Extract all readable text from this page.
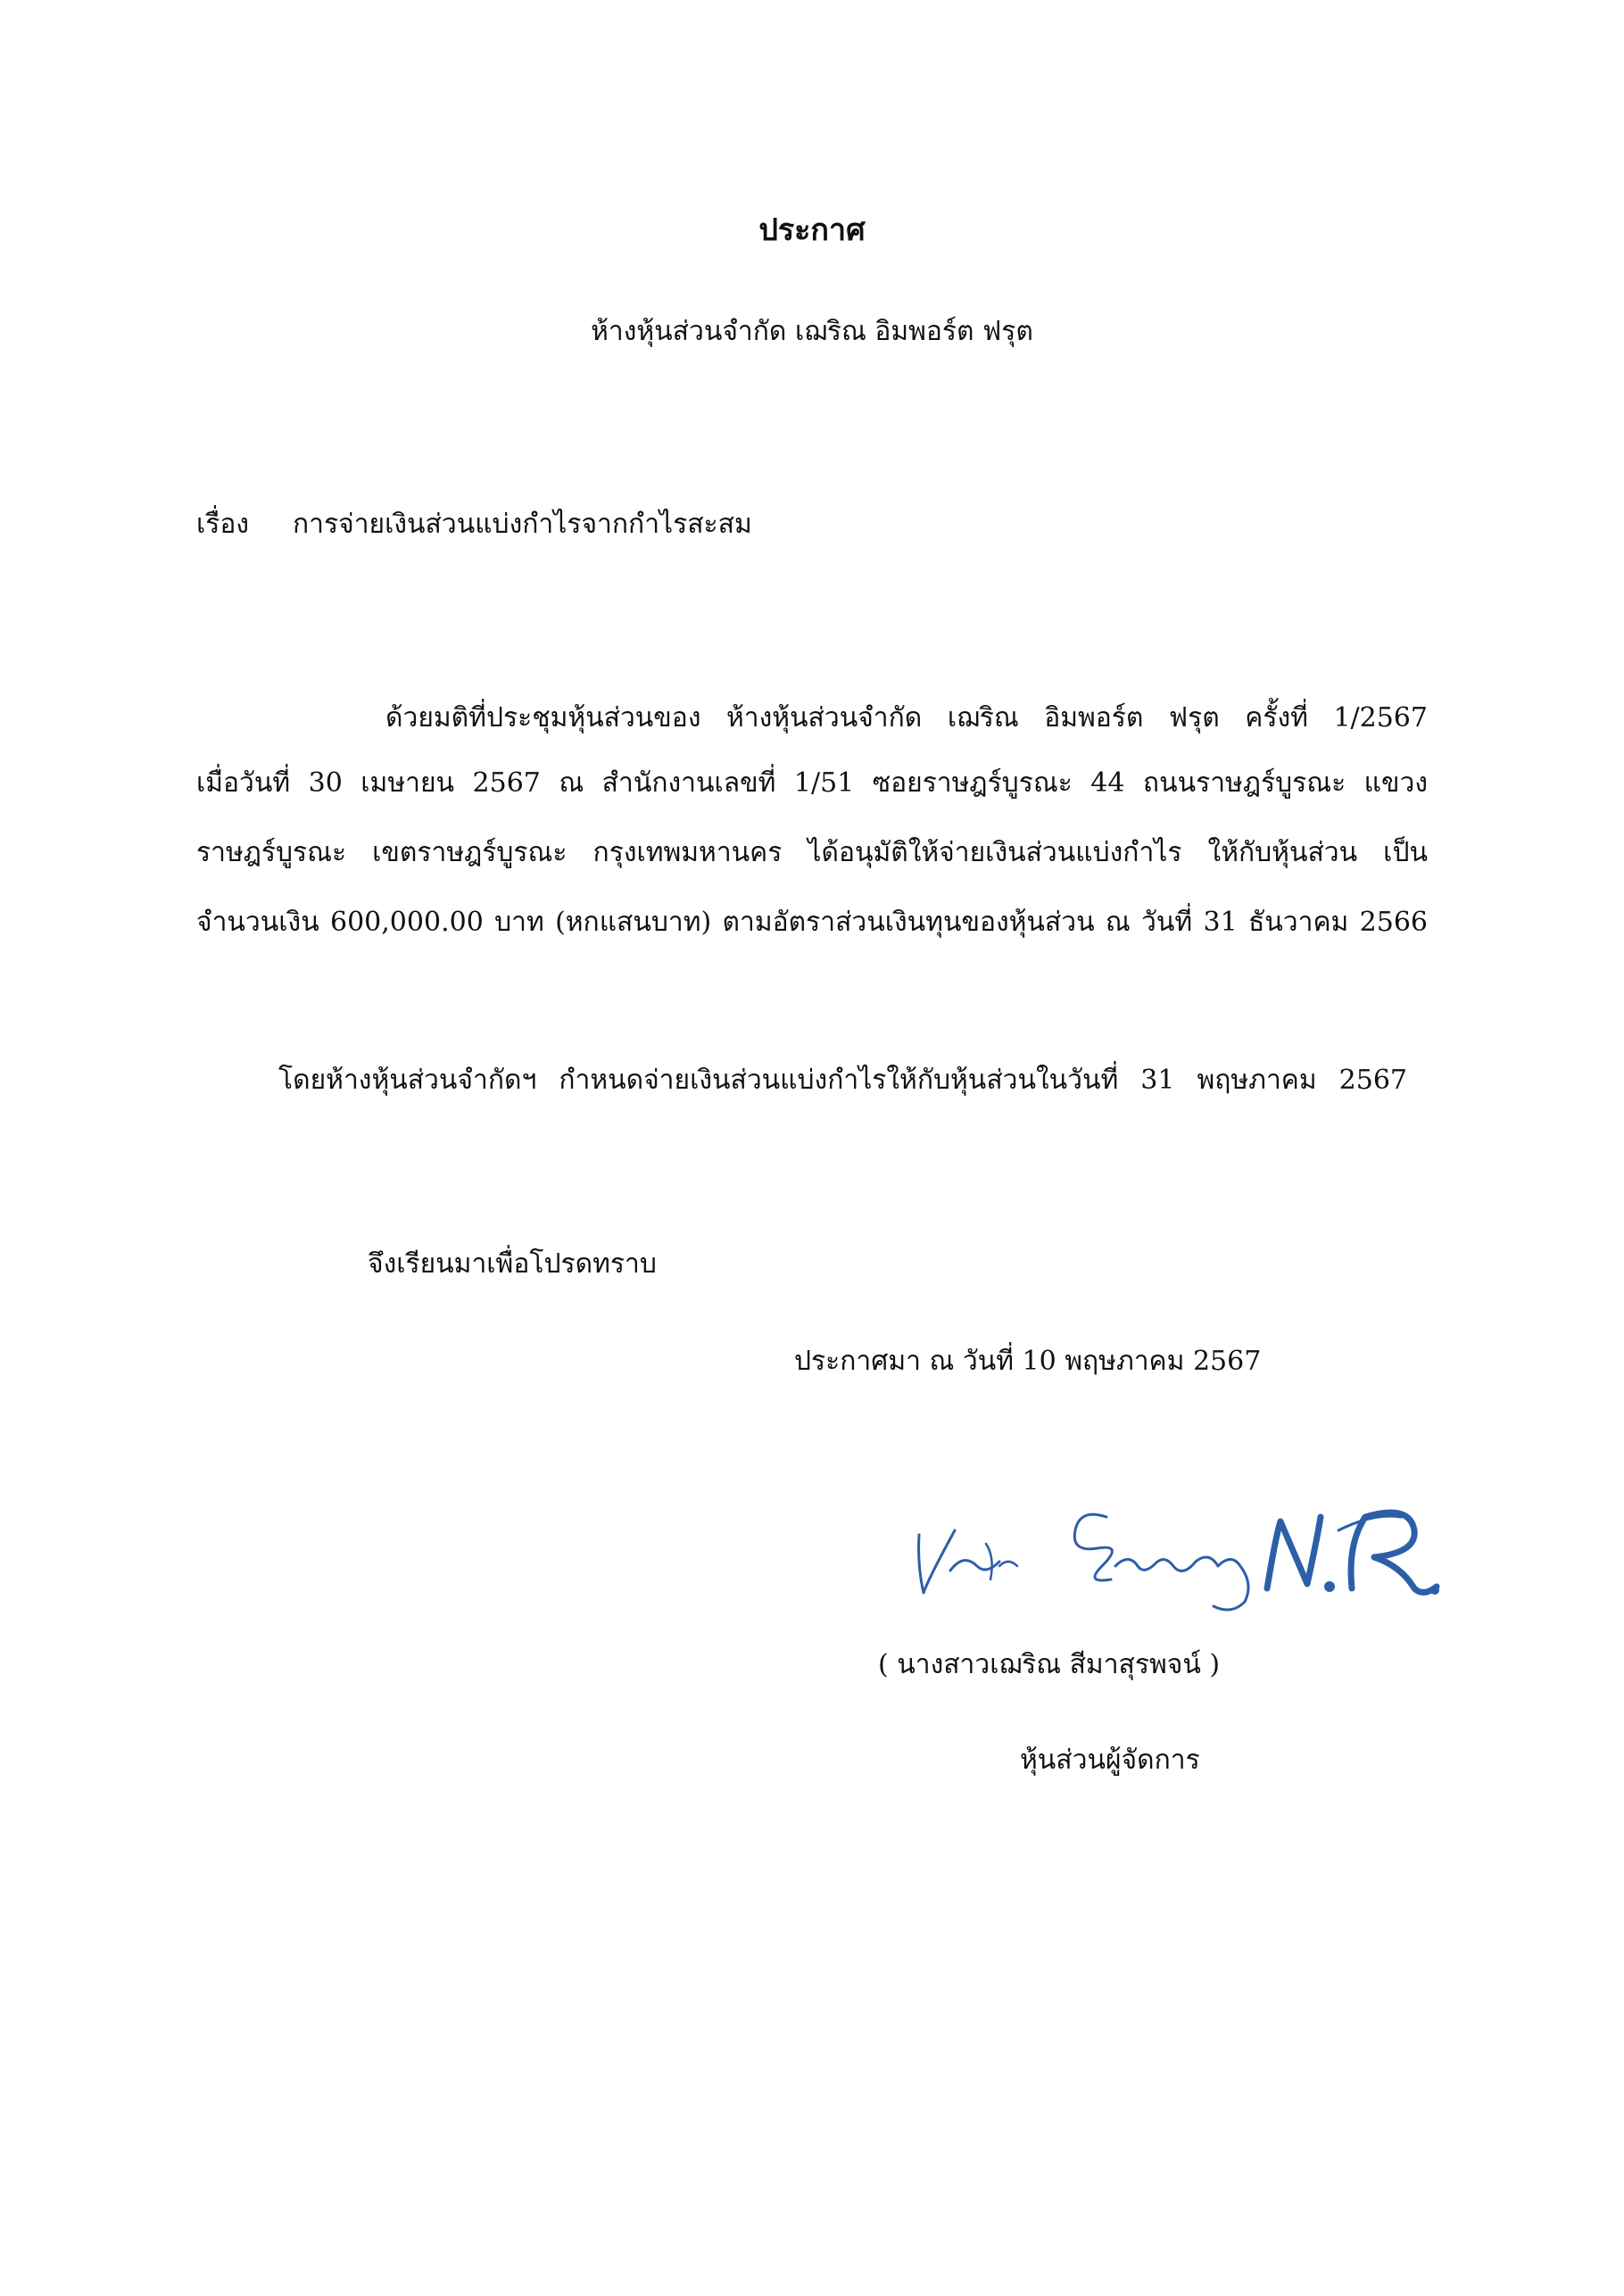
ประกาศ
ห้างหุ้นส่วนจำกัด เฌริณ อิมพอร์ต ฟรุต
เรื่อง การจ่ายเงินส่วนแบ่งกำไรจากกำไรสะสม
ด้วยมติที่ประชุมหุ้นส่วนของ ห้างหุ้นส่วนจำกัด เฌริณ อิมพอร์ต ฟรุต ครั้งที่ 1/2567
เมื่อวันที่ 30 เมษายน 2567 ณ สำนักงานเลขที่ 1/51 ซอยราษฎร์บูรณะ 44 ถนนราษฎร์บูรณะ แขวง
ราษฎร์บูรณะ เขตราษฎร์บูรณะ กรุงเทพมหานคร ได้อนุมัติให้จ่ายเงินส่วนแบ่งกำไร ให้กับหุ้นส่วน เป็น
จำนวนเงิน 600,000.00 บาท (หกแสนบาท) ตามอัตราส่วนเงินทุนของหุ้นส่วน ณ วันที่ 31 ธันวาคม 2566
โดยห้างหุ้นส่วนจำกัดฯ กำหนดจ่ายเงินส่วนแบ่งกำไรให้กับหุ้นส่วนในวันที่ 31 พฤษภาคม 2567
จึงเรียนมาเพื่อโปรดทราบ
ประกาศมา ณ วันที่ 10 พฤษภาคม 2567
( นางสาวเฌริณ สีมาสุรพจน์ )
หุ้นส่วนผู้จัดการ
